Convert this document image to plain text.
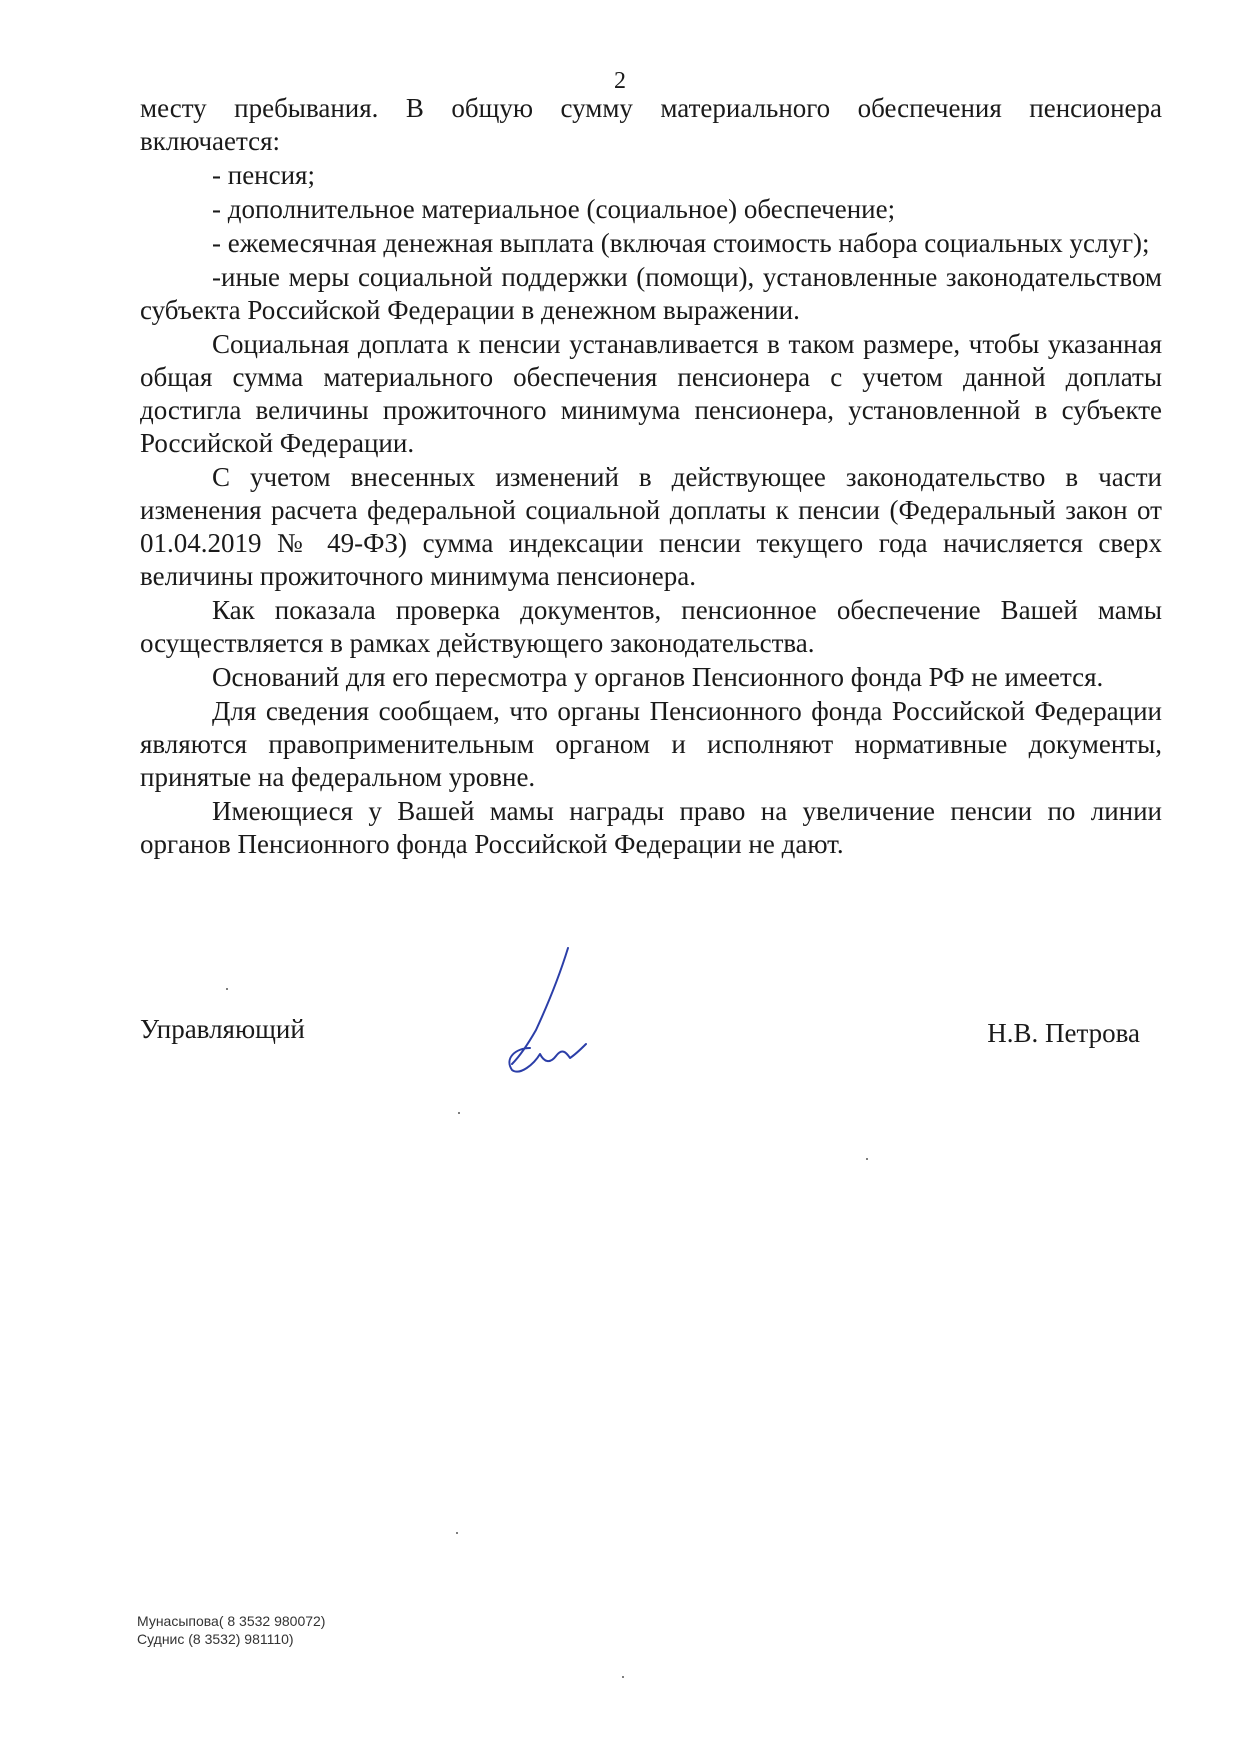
2

месту пребывания. В общую сумму материального обеспечения пенсионера включается:

- пенсия;

- дополнительное материальное (социальное) обеспечение;

- ежемесячная денежная выплата (включая стоимость набора социальных услуг);

-иные меры социальной поддержки (помощи), установленные законодательством субъекта Российской Федерации в денежном выражении.

Социальная доплата к пенсии устанавливается в таком размере, чтобы указанная общая сумма материального обеспечения пенсионера с учетом данной доплаты достигла величины прожиточного минимума пенсионера, установленной в субъекте Российской Федерации.

С учетом внесенных изменений в действующее законодательство в части изменения расчета федеральной социальной доплаты к пенсии (Федеральный закон от 01.04.2019 № 49-ФЗ) сумма индексации пенсии текущего года начисляется сверх величины прожиточного минимума пенсионера.

Как показала проверка документов, пенсионное обеспечение Вашей мамы осуществляется в рамках действующего законодательства.

Оснований для его пересмотра у органов Пенсионного фонда РФ не имеется.

Для сведения сообщаем, что органы Пенсионного фонда Российской Федерации являются правоприменительным органом и исполняют нормативные документы, принятые на федеральном уровне.

Имеющиеся у Вашей мамы награды право на увеличение пенсии по линии органов Пенсионного фонда Российской Федерации не дают.

Управляющий	Н.В. Петрова
Мунасыпова( 8 3532 980072)
Суднис (8 3532) 981110)
